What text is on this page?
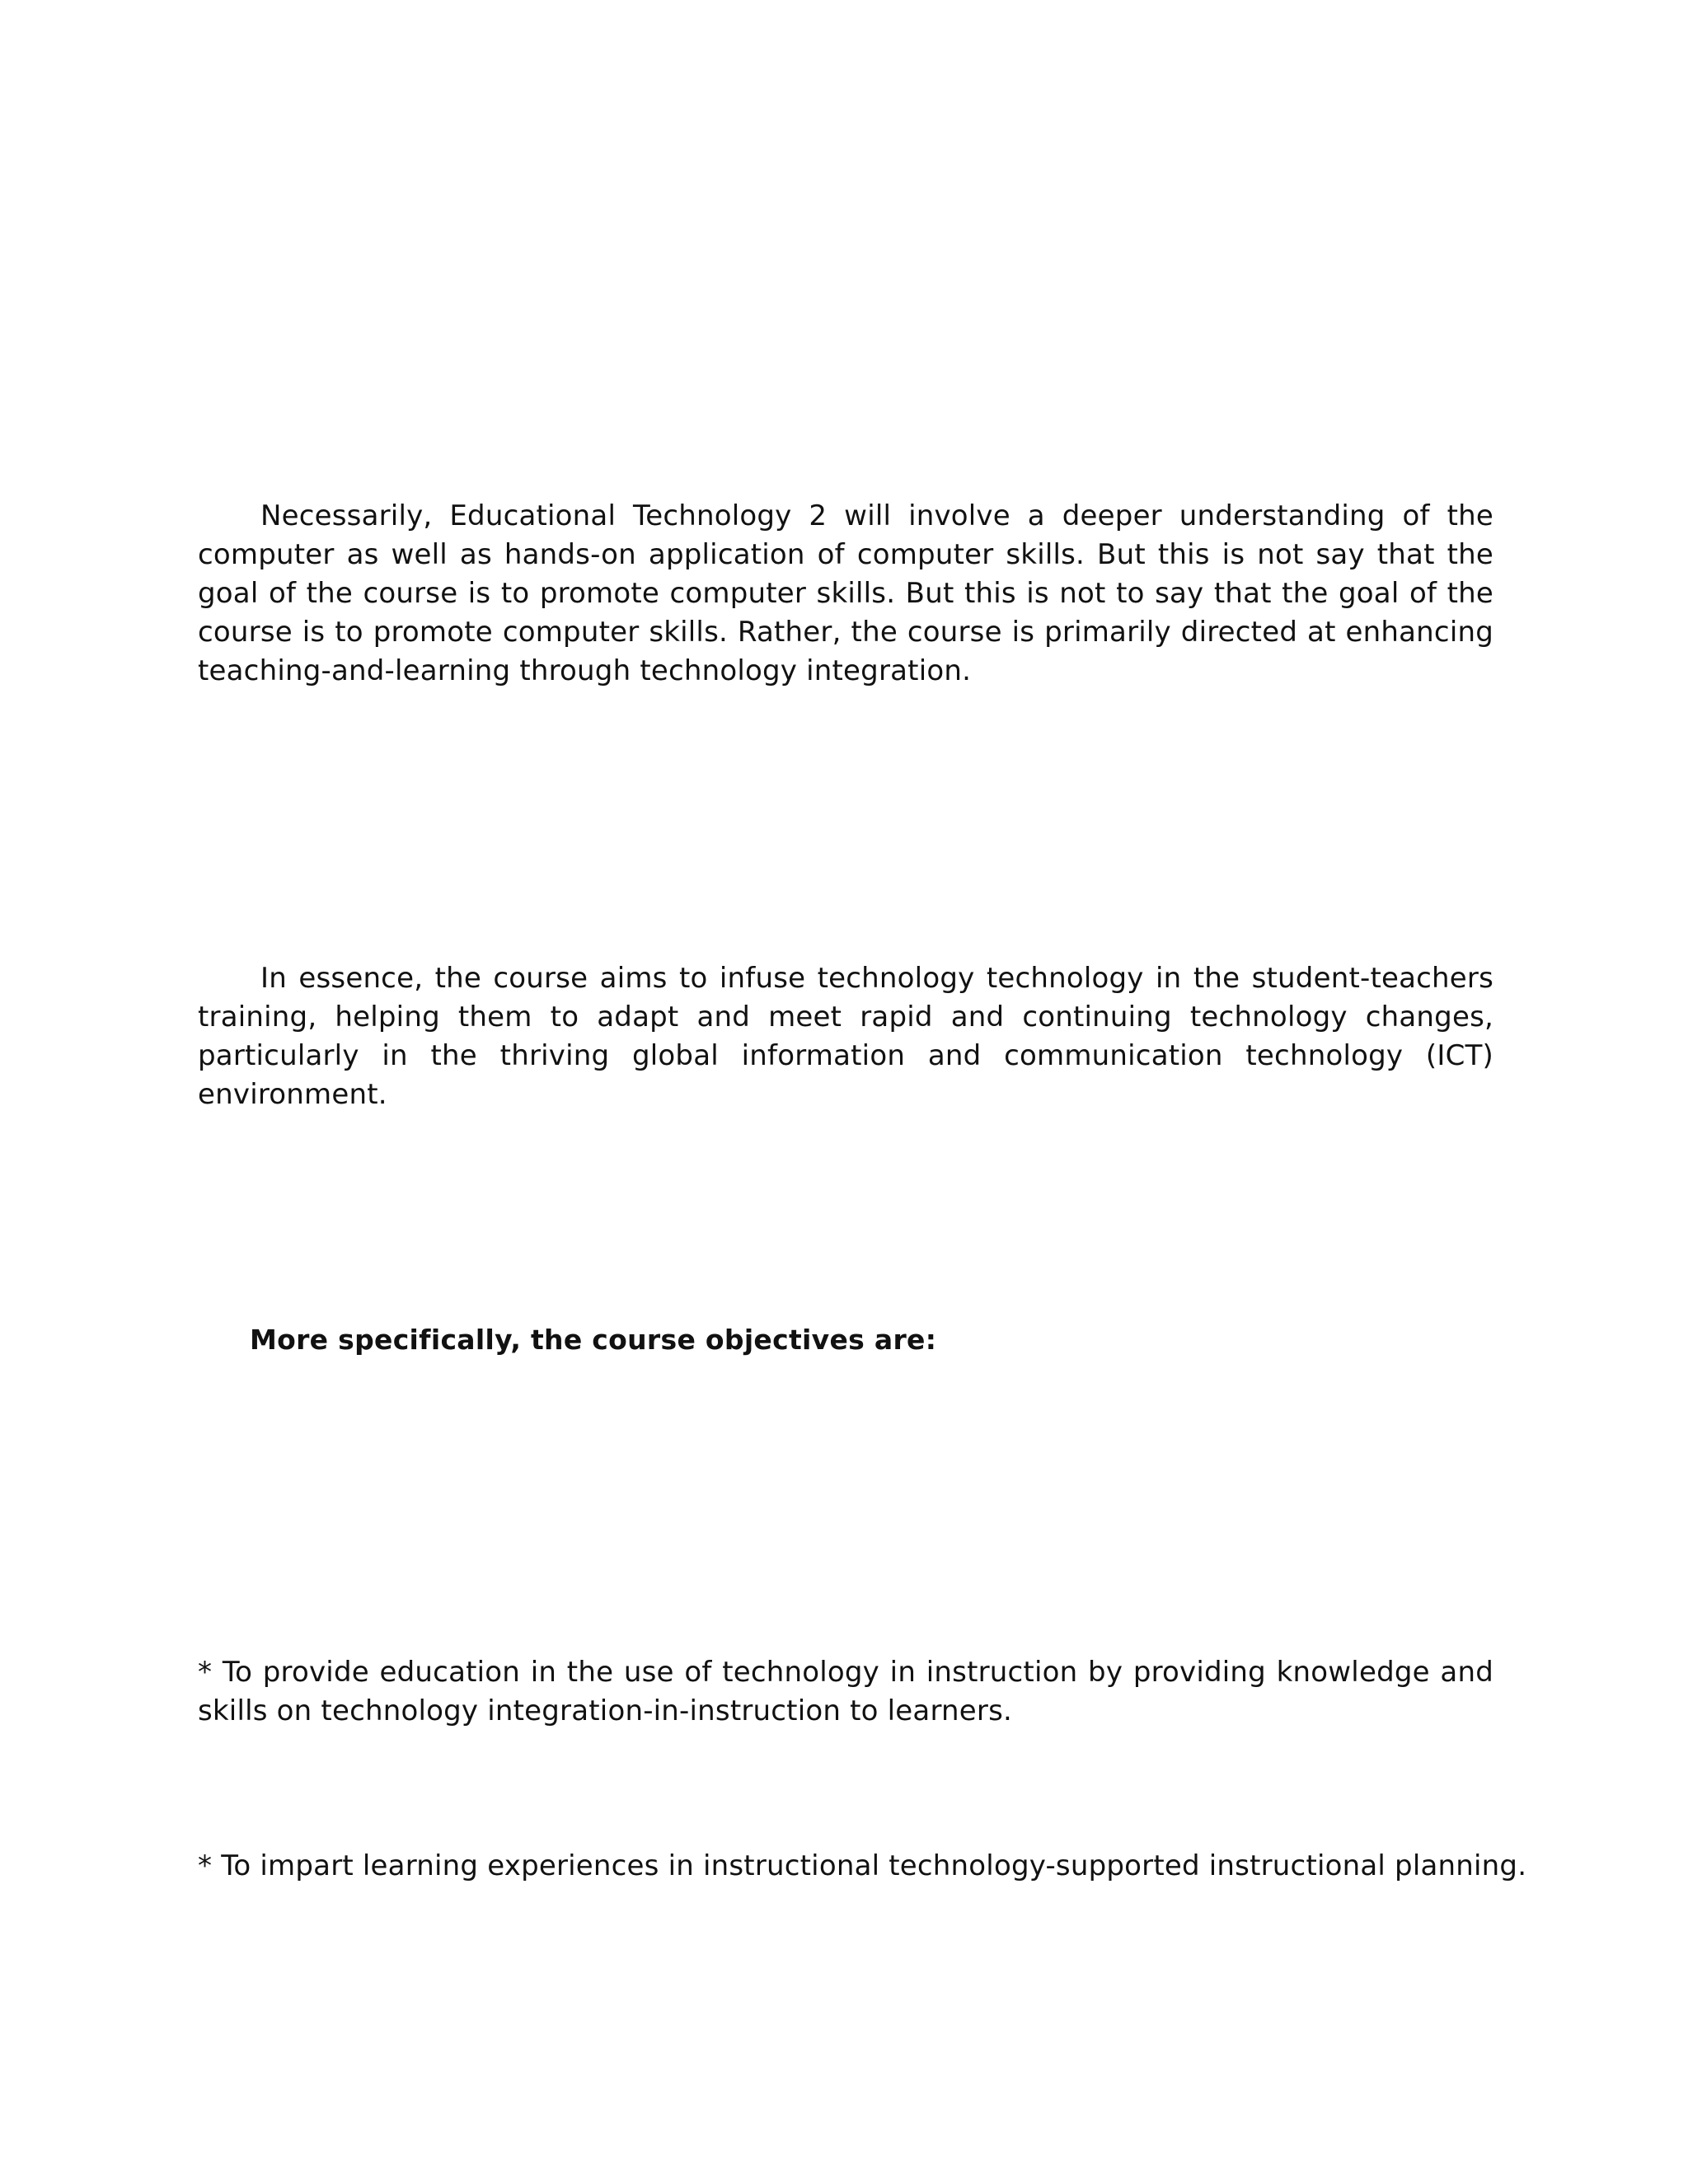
Necessarily, Educational Technology 2 will involve a deeper understanding of the computer as well as hands-on application of computer skills. But this is not say that the goal of the course is to promote computer skills. But this is not to say that the goal of the course is to promote computer skills. Rather, the course is primarily directed at enhancing teaching-and-learning through technology integration.

In essence, the course aims to infuse technology technology in the student-teachers training, helping them to adapt and meet rapid and continuing technology changes, particularly in the thriving global information and communication technology (ICT) environment.

More specifically, the course objectives are:

* To provide education in the use of technology in instruction by providing knowledge and skills on technology integration-in-instruction to learners.

* To impart learning experiences in instructional technology-supported instructional planning.
